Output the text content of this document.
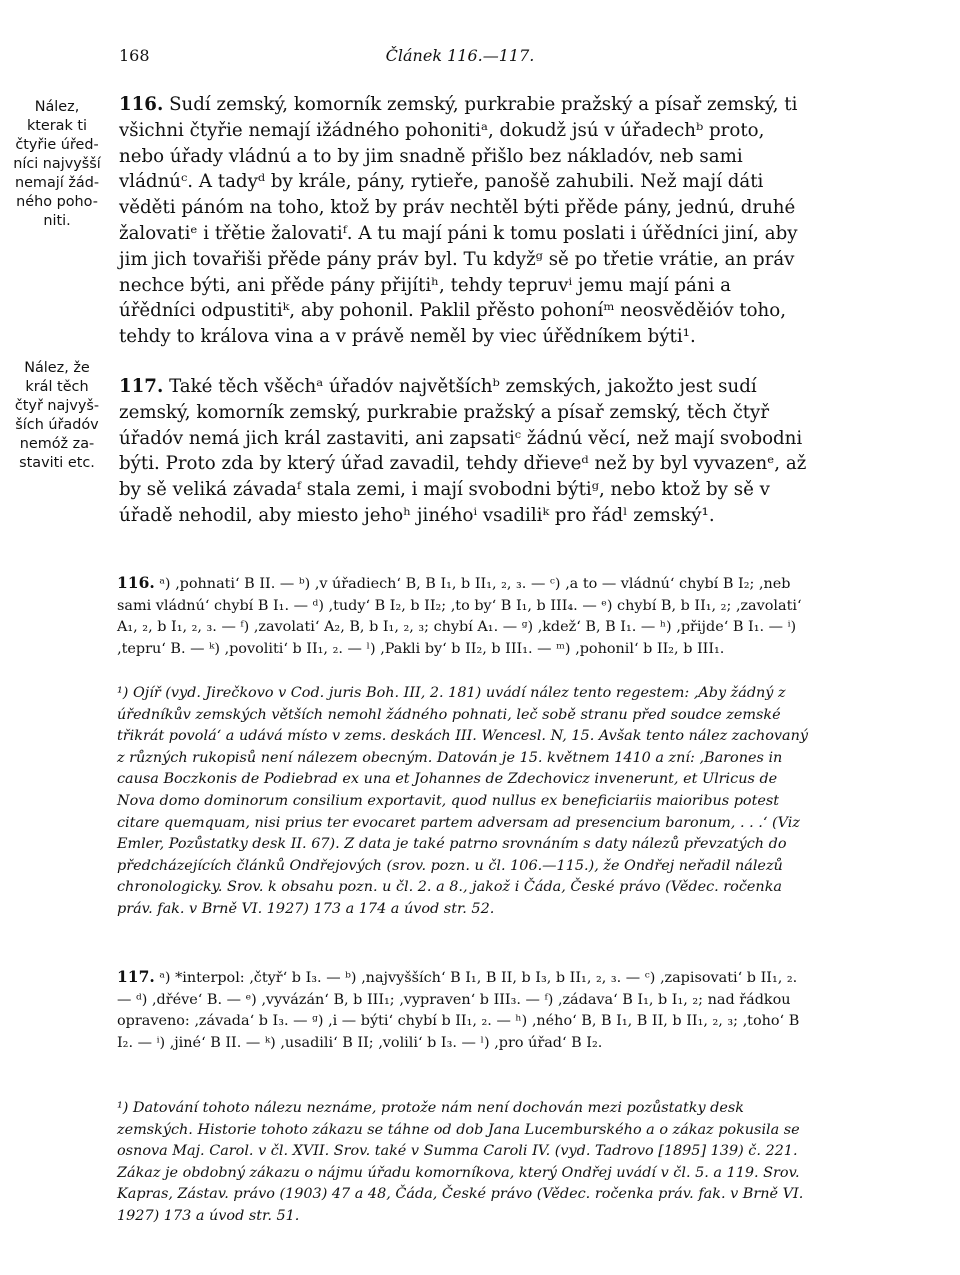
168	Článek 116.—117.
Nález,
kterak ti
čtyřie úřed-
níci najvyšší
nemají žád-
ného poho-
niti.
Nález, že
král těch
čtyř najvyš-
ších úřadóv
nemóž za-
staviti etc.
116. Sudí zemský, komorník zemský, purkrabie pražský a písař zemský, ti všichni čtyřie nemají ižádného pohonitiᵃ, dokudž jsú v úřadechᵇ proto, nebo úřady vládnú a to by jim snadně přišlo bez nákladóv, neb sami vládnúᶜ. A tadyᵈ by krále, pány, rytieře, panošě zahubili. Než mají dáti věděti pánóm na toho, ktož by práv nechtěl býti přěde pány, jednú, druhé žalovatiᵉ i třětie žalovatiᶠ. A tu mají páni k tomu poslati i úřědníci jiní, aby jim jich tovařiši přěde pány práv byl. Tu kdyžᵍ sě po třetie vrátie, an práv nechce býti, ani přěde pány přijítiʰ, tehdy tepruvⁱ jemu mají páni a úřědníci odpustitiᵏ, aby pohonil. Paklil přěsto pohoníᵐ neosvěděióv toho, tehdy to králova vina a v právě neměl by viec úřědníkem býti¹.
117. Také těch všěchᵃ úřadóv najvětšíchᵇ zemských, jakožto jest sudí zemský, komorník zemský, purkrabie pražský a písař zemský, těch čtyř úřadóv nemá jich král zastaviti, ani zapsatiᶜ žádnú věcí, než mají svobodni býti. Proto zda by který úřad zavadil, tehdy dřieveᵈ než by byl vyvazenᵉ, až by sě veliká závadaᶠ stala zemi, i mají svobodni býtiᵍ, nebo ktož by sě v úřadě nehodil, aby miesto jehoʰ jinéhoⁱ vsadiliᵏ pro řádˡ zemský¹.
116. ᵃ) ‚pohnati‘ B II. — ᵇ) ‚v úřadiech‘ B, B I₁, b II₁, ₂, ₃. — ᶜ) ‚a to — vládnú‘ chybí B I₂; ‚neb sami vládnú‘ chybí B I₁. — ᵈ) ‚tudy‘ B I₂, b II₂; ‚to by‘ B I₁, b III₄. — ᵉ) chybí B, b II₁, ₂; ‚zavolati‘ A₁, ₂, b I₁, ₂, ₃. — ᶠ) ‚zavolati‘ A₂, B, b I₁, ₂, ₃; chybí A₁. — ᵍ) ‚kdež‘ B, B I₁. — ʰ) ‚přijde‘ B I₁. — ⁱ) ‚tepru‘ B. — ᵏ) ‚povoliti‘ b II₁, ₂. — ˡ) ‚Pakli by‘ b II₂, b III₁. — ᵐ) ‚pohonil‘ b II₂, b III₁.
¹) Ojíř (vyd. Jirečkovo v Cod. juris Boh. III, 2. 181) uvádí nález tento regestem: ‚Aby žádný z úředníkův zemských větších nemohl žádného pohnati, leč sobě stranu před soudce zemské třikrát povolá‘ a udává místo v zems. deskách III. Wencesl. N, 15. Avšak tento nález zachovaný z různých rukopisů není nálezem obecným. Datován je 15. květnem 1410 a zní: ‚Barones in causa Boczkonis de Podiebrad ex una et Johannes de Zdechovicz invenerunt, et Ulricus de Nova domo dominorum consilium exportavit, quod nullus ex beneficiariis maioribus potest citare quemquam, nisi prius ter evocaret partem adversam ad presencium baronum, . . .‘ (Viz Emler, Pozůstatky desk II. 67). Z data je také patrno srovnáním s daty nálezů převzatých do předcházejících článků Ondřejových (srov. pozn. u čl. 106.—115.), že Ondřej neřadil nálezů chronologicky. Srov. k obsahu pozn. u čl. 2. a 8., jakož i Čáda, České právo (Vědec. ročenka práv. fak. v Brně VI. 1927) 173 a 174 a úvod str. 52.
117. ᵃ) *interpol: ‚čtyř‘ b I₃. — ᵇ) ‚najvyšších‘ B I₁, B II, b I₃, b II₁, ₂, ₃. — ᶜ) ‚zapisovati‘ b II₁, ₂. — ᵈ) ‚dřéve‘ B. — ᵉ) ‚vyvázán‘ B, b III₁; ‚vypraven‘ b III₃. — ᶠ) ‚zádava‘ B I₁, b I₁, ₂; nad řádkou opraveno: ‚závada‘ b I₃. — ᵍ) ‚i — býti‘ chybí b II₁, ₂. — ʰ) ‚ného‘ B, B I₁, B II, b II₁, ₂, ₃; ‚toho‘ B I₂. — ⁱ) ‚jiné‘ B II. — ᵏ) ‚usadili‘ B II; ‚volili‘ b I₃. — ˡ) ‚pro úřad‘ B I₂.
¹) Datování tohoto nálezu neznáme, protože nám není dochován mezi pozůstatky desk zemských. Historie tohoto zákazu se táhne od dob Jana Lucemburského a o zákaz pokusila se osnova Maj. Carol. v čl. XVII. Srov. také v Summa Caroli IV. (vyd. Tadrovo [1895] 139) č. 221. Zákaz je obdobný zákazu o nájmu úřadu komorníkova, který Ondřej uvádí v čl. 5. a 119. Srov. Kapras, Zástav. právo (1903) 47 a 48, Čáda, České právo (Vědec. ročenka práv. fak. v Brně VI. 1927) 173 a úvod str. 51.
